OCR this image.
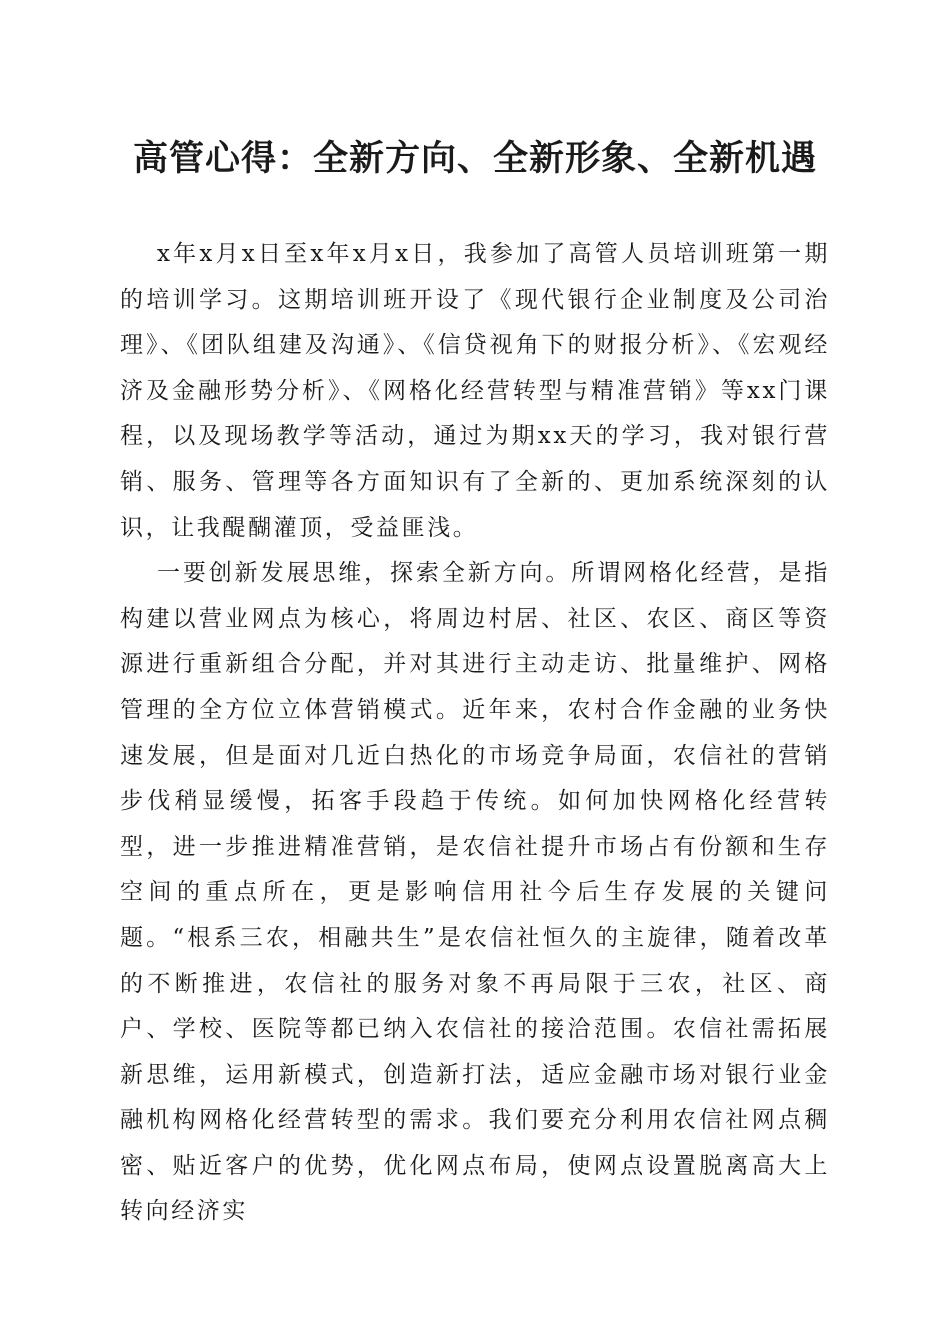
高管心得：全新方向、全新形象、全新机遇

x年x月x日至x年x月x日，我参加了高管人员培训班第一期的培训学习。这期培训班开设了《现代银行企业制度及公司治理》、《团队组建及沟通》、《信贷视角下的财报分析》、《宏观经济及金融形势分析》、《网格化经营转型与精准营销》等xx门课程，以及现场教学等活动，通过为期xx天的学习，我对银行营销、服务、管理等各方面知识有了全新的、更加系统深刻的认识，让我醍醐灌顶，受益匪浅。

一要创新发展思维，探索全新方向。所谓网格化经营，是指构建以营业网点为核心，将周边村居、社区、农区、商区等资源进行重新组合分配，并对其进行主动走访、批量维护、网格管理的全方位立体营销模式。近年来，农村合作金融的业务快速发展，但是面对几近白热化的市场竞争局面，农信社的营销步伐稍显缓慢，拓客手段趋于传统。如何加快网格化经营转型，进一步推进精准营销，是农信社提升市场占有份额和生存空间的重点所在，更是影响信用社今后生存发展的关键问题。“根系三农，相融共生”是农信社恒久的主旋律，随着改革的不断推进，农信社的服务对象不再局限于三农，社区、商户、学校、医院等都已纳入农信社的接洽范围。农信社需拓展新思维，运用新模式，创造新打法，适应金融市场对银行业金融机构网格化经营转型的需求。我们要充分利用农信社网点稠密、贴近客户的优势，优化网点布局，使网点设置脱离高大上转向经济实
